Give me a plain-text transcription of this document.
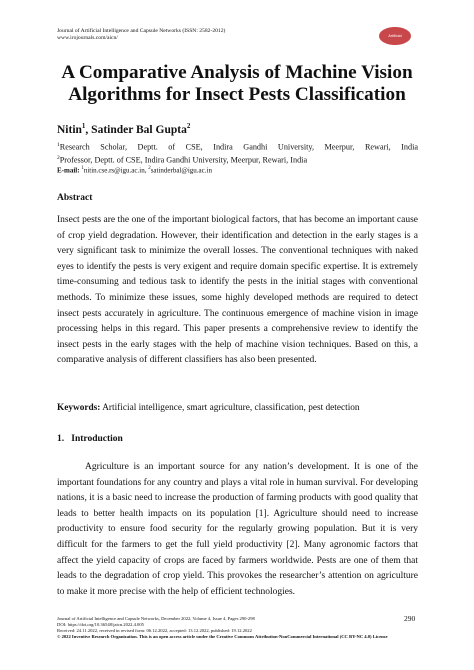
Journal of Artificial Intelligence and Capsule Networks (ISSN: 2582-2012)
www.irojournals.com/aicn/	Artificial Intelligence
A Comparative Analysis of Machine Vision Algorithms for Insect Pests Classification
Nitin$^1$, Satinder Bal Gupta$^2$
$^1$Research Scholar, Deptt. of CSE, Indira Gandhi University, Meerpur, Rewari, India
$^2$Professor, Deptt. of CSE, Indira Gandhi University, Meerpur, Rewari, India
E-mail: $^1$nitin.cse.rs@igu.ac.in, $^2$satinderbal@igu.ac.in
Abstract

Insect pests are the one of the important biological factors, that has become an important cause of crop yield degradation. However, their identification and detection in the early stages is a very significant task to minimize the overall losses. The conventional techniques with naked eyes to identify the pests is very exigent and require domain specific expertise. It is extremely time-consuming and tedious task to identify the pests in the initial stages with conventional methods. To minimize these issues, some highly developed methods are required to detect insect pests accurately in agriculture. The continuous emergence of machine vision in image processing helps in this regard. This paper presents a comprehensive review to identify the insect pests in the early stages with the help of machine vision techniques. Based on this, a comparative analysis of different classifiers has also been presented.

Keywords: Artificial intelligence, smart agriculture, classification, pest detection
1.   Introduction

Agriculture is an important source for any nation’s development. It is one of the important foundations for any country and plays a vital role in human survival. For developing nations, it is a basic need to increase the production of farming products with good quality that leads to better health impacts on its population [1]. Agriculture should need to increase productivity to ensure food security for the regularly growing population. But it is very difficult for the farmers to get the full yield productivity [2]. Many agronomic factors that affect the yield capacity of crops are faced by farmers worldwide. Pests are one of them that leads to the degradation of crop yield. This provokes the researcher’s attention on agriculture to make it more precise with the help of efficient technologies.

Journal of Artificial Intelligence and Capsule Networks, December 2022, Volume 4, Issue 4, Pages 290-298
DOI: https://doi.org/10.36548/jaicn.2022.4.005
Received: 24.11.2022, received in revised form: 06.12.2022, accepted: 13.12.2022, published: 19.12.2022
© 2022 Inventive Research Organization. This is an open access article under the Creative Commons Attribution-NonCommercial International (CC BY-NC 4.0) License
290
